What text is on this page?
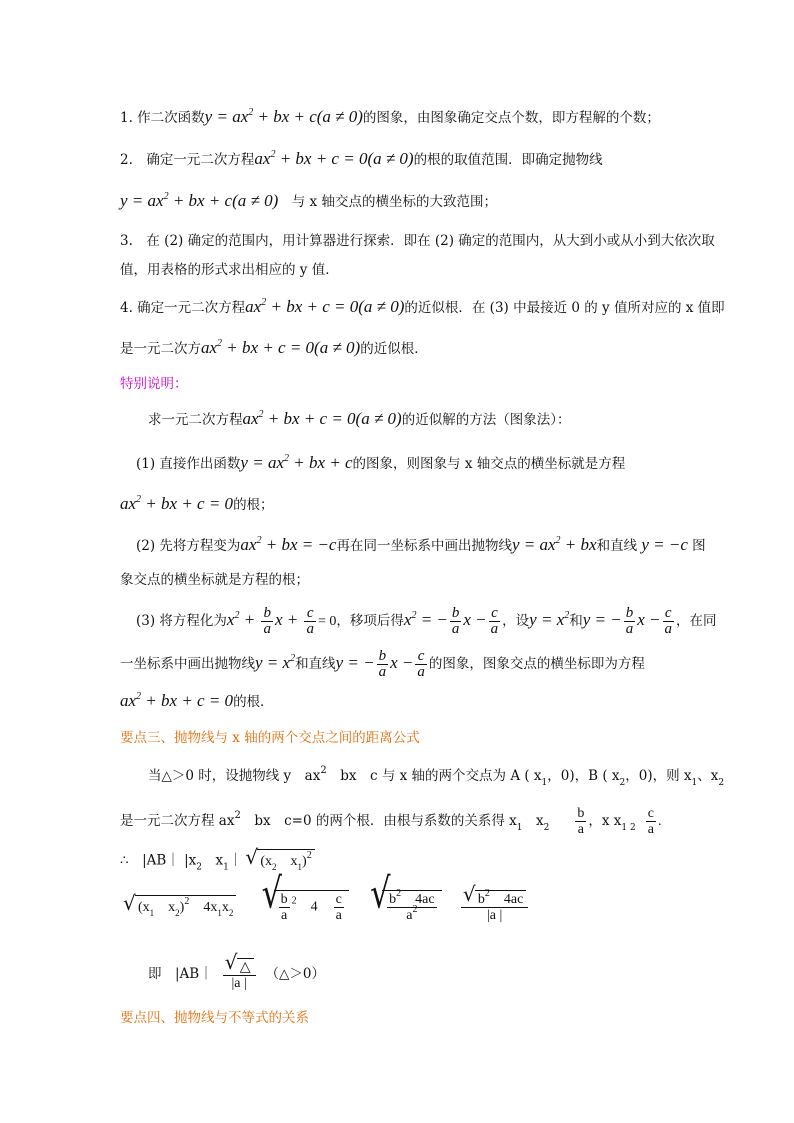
1. 作二次函数$y = ax^2$ + bx + c(a ≠ 0)的图象，由图象确定交点个数，即方程解的个数；
2.　确定一元二次方程$ax^2$ + bx + c = 0(a ≠ 0)的根的取值范围．即确定抛物线
$y = ax^2$ + bx + c(a ≠ 0)　与 x 轴交点的横坐标的大致范围；
3.　在 (2) 确定的范围内，用计算器进行探索．即在 (2) 确定的范围内，从大到小或从小到大依次取
值，用表格的形式求出相应的 y 值．
4. 确定一元二次方程$ax^2$ + bx + c = 0(a ≠ 0)的近似根．在 (3) 中最接近 0 的 y 值所对应的 x 值即
是一元二次方$ax^2$ + bx + c = 0(a ≠ 0)的近似根．
特别说明：
求一元二次方程$ax^2$ + bx + c = 0(a ≠ 0)的近似解的方法（图象法）：
(1) 直接作出函数$y = ax^2$ + bx + c的图象，则图象与 x 轴交点的横坐标就是方程
$ax^2$ + bx + c = 0的根；
(2) 先将方程变为$ax^2$ + bx = −c再在同一坐标系中画出抛物线$y = ax^2$ + bx和直线 y = −c 图
象交点的横坐标就是方程的根；
(3) 将方程化为$x^2 + \frac{b}{a}$ $x + \frac{c}{a} = 0$，移项后得$x^2$ = − $\frac{b}{a}$ $x - \frac{c}{a}$ ，设$y = x^2$和y = − $\frac{b}{a}$ $x - \frac{c}{a}$ ，在同
一坐标系中画出抛物线$y = x^2$和直线y = − $\frac{b}{a}$ $x - \frac{c}{a}$ 的图象，图象交点的横坐标即为方程
$ax^2$ + bx + c = 0的根．
要点三、抛物线与 x 轴的两个交点之间的距离公式
当△＞0 时，设抛物线 y　$ax^2$　bx　c 与 x 轴的两个交点为 A ( $x_1$，0)，B ( $x_2$，0)，则 $x_1$、$x_2$
是一元二次方程 $ax^2$　bx　c=0 的两个根．由根与系数的关系得 $x_1$　$x_2 \frac{b}{a}$ ，x $x_{1 2} \frac{c}{a}$ .
∴　|AB｜ $|x_2$　$x_1|√$ ($x_2$　$x_1)^2$
√ ($x_1$　$x_2)^2$　$4x_1x_2$
√	$\frac{b}{a} ^2$　4　 $\frac{c}{a}$

√	$\frac{b^2 4ac}{a^2}$

√ $\frac{b^2 4ac}{|a |}$
即　|AB｜
√ $\frac{\triangle}{|a |}$ （△＞0）
要点四、抛物线与不等式的关系
